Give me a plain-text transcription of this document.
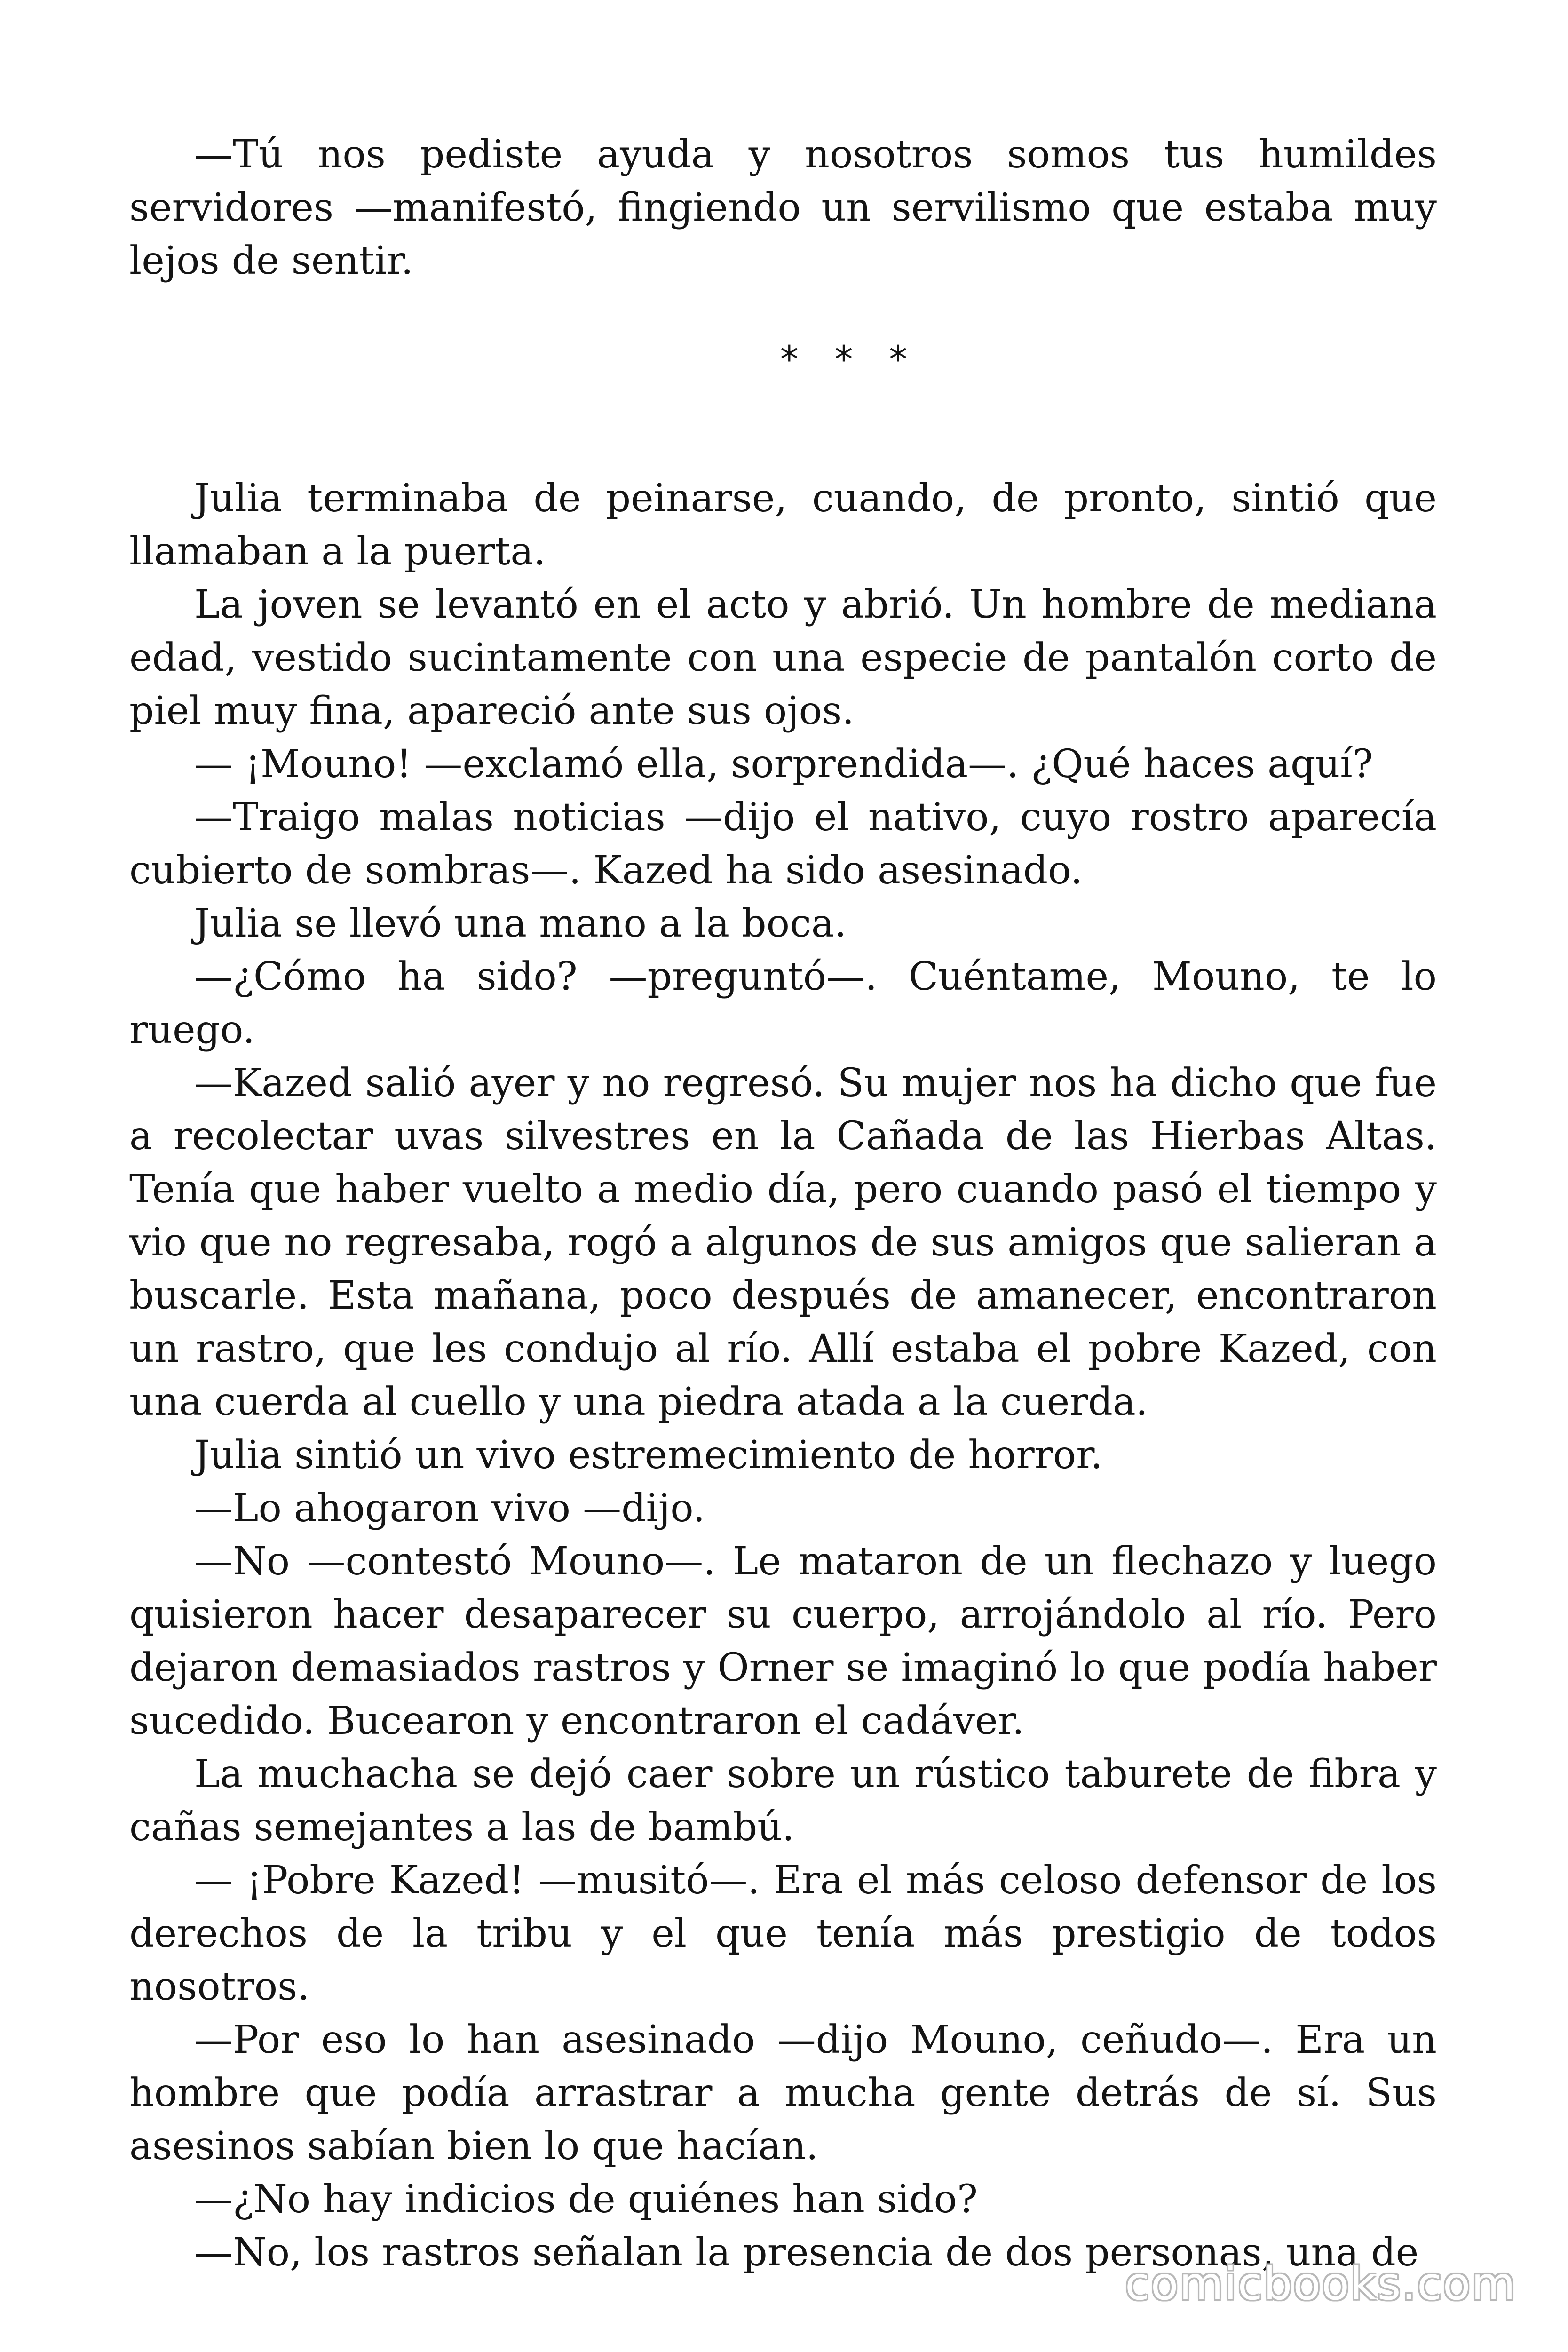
—Tú nos pediste ayuda y nosotros somos tus humildes servidores —manifestó, fingiendo un servilismo que estaba muy lejos de sentir.

* * *

Julia terminaba de peinarse, cuando, de pronto, sintió que llamaban a la puerta.

La joven se levantó en el acto y abrió. Un hombre de mediana edad, vestido sucintamente con una especie de pantalón corto de piel muy fina, apareció ante sus ojos.

— ¡Mouno! —exclamó ella, sorprendida—. ¿Qué haces aquí?

—Traigo malas noticias —dijo el nativo, cuyo rostro aparecía cubierto de sombras—. Kazed ha sido asesinado.

Julia se llevó una mano a la boca.

—¿Cómo ha sido? —preguntó—. Cuéntame, Mouno, te lo ruego.

—Kazed salió ayer y no regresó. Su mujer nos ha dicho que fue a recolectar uvas silvestres en la Cañada de las Hierbas Altas. Tenía que haber vuelto a medio día, pero cuando pasó el tiempo y vio que no regresaba, rogó a algunos de sus amigos que salieran a buscarle. Esta mañana, poco después de amanecer, encontraron un rastro, que les condujo al río. Allí estaba el pobre Kazed, con una cuerda al cuello y una piedra atada a la cuerda.

Julia sintió un vivo estremecimiento de horror.

—Lo ahogaron vivo —dijo.

—No —contestó Mouno—. Le mataron de un flechazo y luego quisieron hacer desaparecer su cuerpo, arrojándolo al río. Pero dejaron demasiados rastros y Orner se imaginó lo que podía haber sucedido. Bucearon y encontraron el cadáver.

La muchacha se dejó caer sobre un rústico taburete de fibra y cañas semejantes a las de bambú.

— ¡Pobre Kazed! —musitó—. Era el más celoso defensor de los derechos de la tribu y el que tenía más prestigio de todos nosotros.

—Por eso lo han asesinado —dijo Mouno, ceñudo—. Era un hombre que podía arrastrar a mucha gente detrás de sí. Sus asesinos sabían bien lo que hacían.

—¿No hay indicios de quiénes han sido?

—No, los rastros señalan la presencia de dos personas, una de

comicbooks.com
